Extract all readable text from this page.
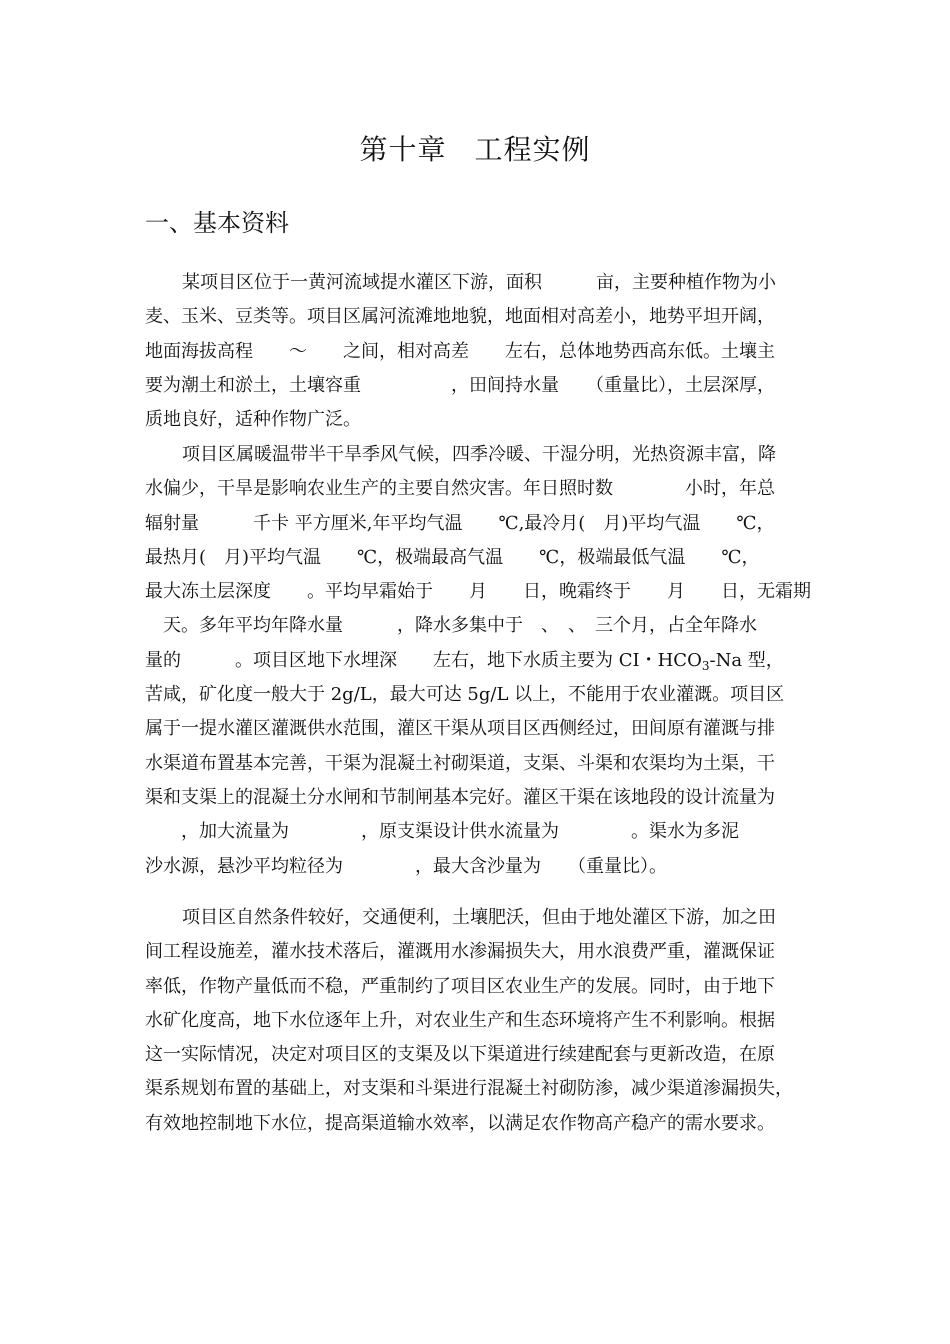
第十章 工程实例
一、基本资料
某项目区位于一黄河流域提水灌区下游，面积　　　亩，主要种植作物为小
麦、玉米、豆类等。项目区属河流滩地地貌，地面相对高差小，地势平坦开阔，
地面海拔高程　　～　　之间，相对高差　　左右，总体地势西高东低。土壤主
要为潮土和淤土，土壤容重　　　　　，田间持水量　　（重量比），土层深厚，
质地良好，适种作物广泛。
项目区属暖温带半干旱季风气候，四季冷暖、干湿分明，光热资源丰富，降
水偏少，干旱是影响农业生产的主要自然灾害。年日照时数　　　　小时，年总
辐射量　　　千卡 平方厘米,年平均气温　　℃,最冷月(　月)平均气温　　℃，
最热月(　月)平均气温　　℃，极端最高气温　　℃，极端最低气温　　℃，
最大冻土层深度　　。平均早霜始于　　月　　日，晚霜终于　　月　　日，无霜期
　天。多年平均年降水量　　　，降水多集中于　、　、　三个月，占全年降水
量的　　　。项目区地下水埋深　　左右，地下水质主要为 CI・$HCO_3-Na$ 型，
苦咸，矿化度一般大于 2g/L，最大可达 5g/L 以上，不能用于农业灌溉。项目区
属于一提水灌区灌溉供水范围，灌区干渠从项目区西侧经过，田间原有灌溉与排
水渠道布置基本完善，干渠为混凝土衬砌渠道，支渠、斗渠和农渠均为土渠，干
渠和支渠上的混凝土分水闸和节制闸基本完好。灌区干渠在该地段的设计流量为
　　，加大流量为　　　　，原支渠设计供水流量为　　　　。渠水为多泥
沙水源，悬沙平均粒径为　　　　，最大含沙量为　　（重量比）。
项目区自然条件较好，交通便利，土壤肥沃，但由于地处灌区下游，加之田
间工程设施差，灌水技术落后，灌溉用水渗漏损失大，用水浪费严重，灌溉保证
率低，作物产量低而不稳，严重制约了项目区农业生产的发展。同时，由于地下
水矿化度高，地下水位逐年上升，对农业生产和生态环境将产生不利影响。根据
这一实际情况，决定对项目区的支渠及以下渠道进行续建配套与更新改造，在原
渠系规划布置的基础上，对支渠和斗渠进行混凝土衬砌防渗，减少渠道渗漏损失，
有效地控制地下水位，提高渠道输水效率，以满足农作物高产稳产的需水要求。
